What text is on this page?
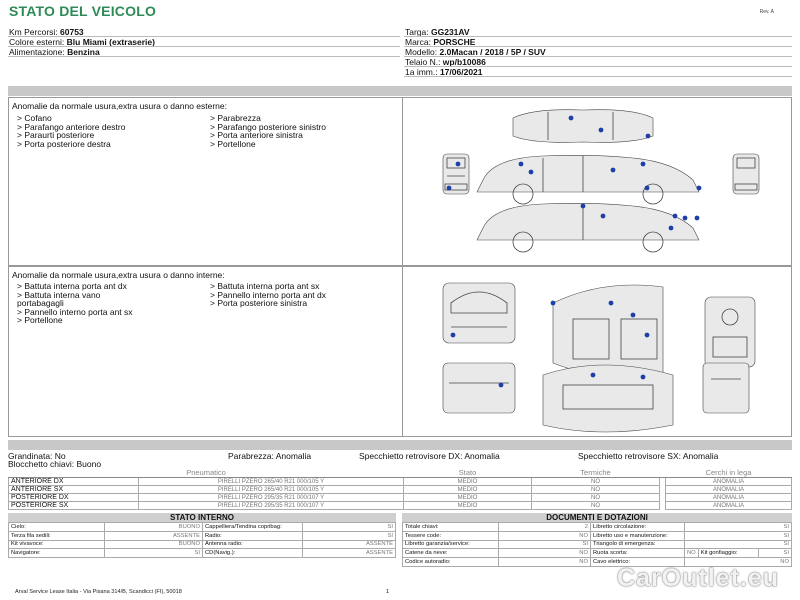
STATO DEL VEICOLO	Rev. A
Km Percorsi: 60753
Colore esterni: Blu Miami (extraserie)
Alimentazione: Benzina
Targa: GG231AV
Marca: PORSCHE
Modello: 2.0Macan / 2018 / 5P / SUV
Telaio N.: wp/b10086
1a imm.: 17/06/2021
Anomalie da normale usura,extra usura o danno esterne:
> Cofano
> Parafango anteriore destro
> Paraurti posteriore
> Porta posteriore destra
> Parabrezza
> Parafango posteriore sinistro
> Porta anteriore sinistra
> Portellone
Anomalie da normale usura,extra usura o danno interne:
> Battuta interna porta ant dx
> Battuta interna vano
portabagagli
> Pannello interno porta ant sx
> Portellone
> Battuta interna porta ant sx
> Pannello interno porta ant dx
> Porta posteriore sinistra
Grandinata: No	Parabrezza: Anomalia	Specchietto retrovisore DX: Anomalia	Specchietto retrovisore SX: Anomalia
Blocchetto chiavi: Buono
Pneumatico		Stato	Termiche		Cerchi in lega
ANTERIORE DX	PIRELLI PZERO 265/40 R21 000/105 Y	MEDIO	NO		ANOMALIA
ANTERIORE SX	PIRELLI PZERO 265/40 R21 000/105 Y	MEDIO	NO		ANOMALIA
POSTERIORE DX	PIRELLI PZERO 295/35 R21 000/107 Y	MEDIO	NO		ANOMALIA
POSTERIORE SX	PIRELLI PZERO 295/35 R21 000/107 Y	MEDIO	NO		ANOMALIA
STATO INTERNO
Cielo:	BUONO	Cappelliera/Tendina copribag:	SI
Terza fila sedili:	ASSENTE	Radio:	SI
Kit vivavoce:	BUONO	Antenna radio:	ASSENTE
Navigatore:	SI	CD(Navig.):	ASSENTE
DOCUMENTI E DOTAZIONI
Totale chiavi:	2	Libretto circolazione:	SI		
Tessere code:	NO	Libretto uso e manutenzione:	SI		
Libretto garanzia/service:	SI	Triangolo di emergenza:	SI		
Catene da neve:	NO	Ruota scorta:	NO	Kit gonfiaggio:	SI
Codice autoradio:	NO	Cavo elettrico:	NO		
Arval Service Lease Italia - Via Pisana 314/B, Scandicci (FI), 50018	1	CarOutlet.eu
